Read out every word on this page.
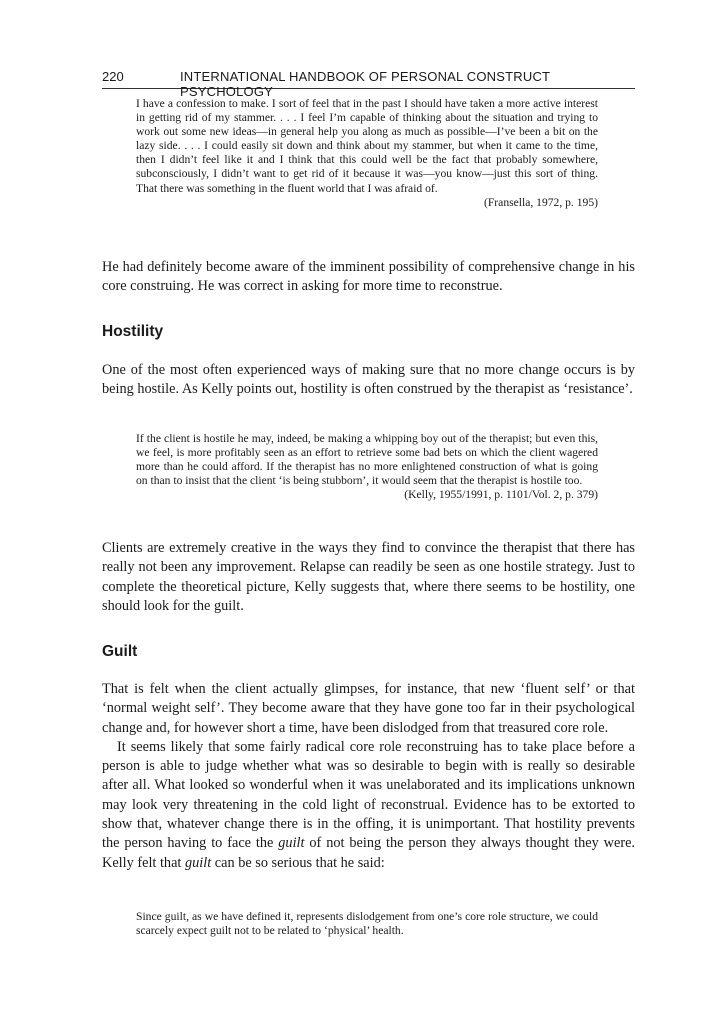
220	INTERNATIONAL HANDBOOK OF PERSONAL CONSTRUCT PSYCHOLOGY
I have a confession to make. I sort of feel that in the past I should have taken a more active interest in getting rid of my stammer. . . . I feel I’m capable of thinking about the situation and trying to work out some new ideas—in general help you along as much as possible—I’ve been a bit on the lazy side. . . . I could easily sit down and think about my stammer, but when it came to the time, then I didn’t feel like it and I think that this could well be the fact that probably somewhere, subconsciously, I didn’t want to get rid of it because it was—you know—just this sort of thing. That there was something in the fluent world that I was afraid of.
(Fransella, 1972, p. 195)

He had definitely become aware of the imminent possibility of comprehensive change in his core construing. He was correct in asking for more time to reconstrue.

Hostility

One of the most often experienced ways of making sure that no more change occurs is by being hostile. As Kelly points out, hostility is often construed by the therapist as ‘resistance’.

If the client is hostile he may, indeed, be making a whipping boy out of the therapist; but even this, we feel, is more profitably seen as an effort to retrieve some bad bets on which the client wagered more than he could afford. If the therapist has no more enlightened construction of what is going on than to insist that the client ‘is being stubborn’, it would seem that the therapist is hostile too.
(Kelly, 1955/1991, p. 1101/Vol. 2, p. 379)

Clients are extremely creative in the ways they find to convince the therapist that there has really not been any improvement. Relapse can readily be seen as one hostile strategy. Just to complete the theoretical picture, Kelly suggests that, where there seems to be hostility, one should look for the guilt.

Guilt

That is felt when the client actually glimpses, for instance, that new ‘fluent self’ or that ‘normal weight self’. They become aware that they have gone too far in their psychological change and, for however short a time, have been dislodged from that treasured core role.

It seems likely that some fairly radical core role reconstruing has to take place before a person is able to judge whether what was so desirable to begin with is really so desirable after all. What looked so wonderful when it was unelaborated and its implications unknown may look very threatening in the cold light of reconstrual. Evidence has to be extorted to show that, whatever change there is in the offing, it is unimportant. That hostility prevents the person having to face the guilt of not being the person they always thought they were. Kelly felt that guilt can be so serious that he said:

Since guilt, as we have defined it, represents dislodgement from one’s core role structure, we could scarcely expect guilt not to be related to ‘physical’ health.
